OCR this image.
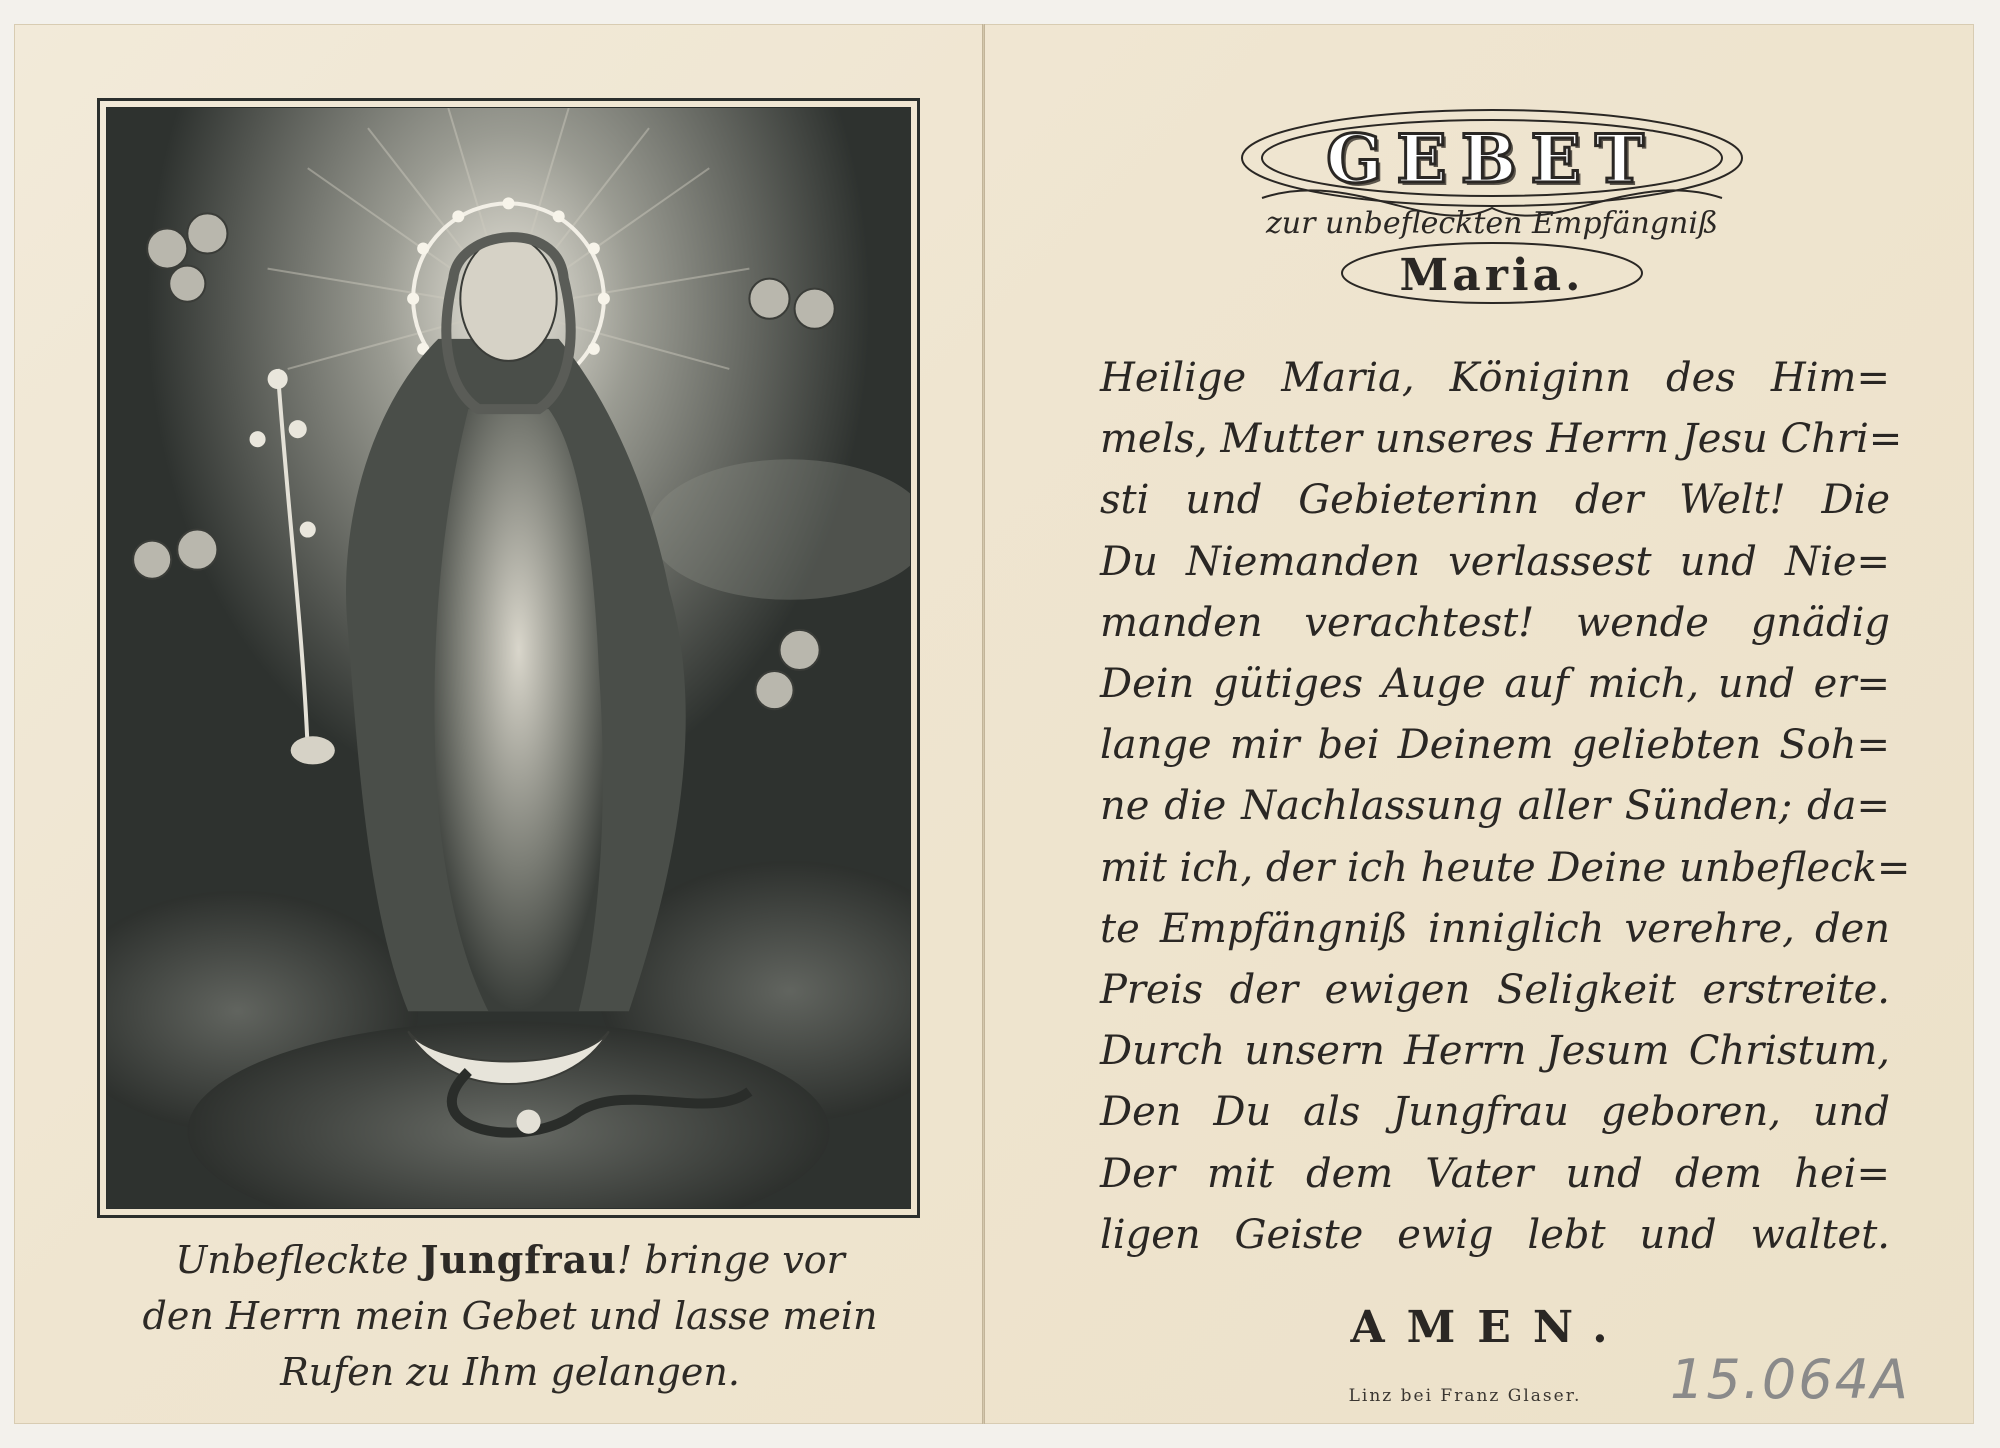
Unbefleckte Jungfrau! bringe vor
den Herrn mein Gebet und lasse mein
Rufen zu Ihm gelangen.
GEBET
zur unbefleckten Empfängniß
Maria.
Heilige Maria, Königinn des Him=
mels, Mutter unseres Herrn Jesu Chri=
sti und Gebieterinn der Welt! Die
Du Niemanden verlassest und Nie=
manden verachtest! wende gnädig
Dein gütiges Auge auf mich, und er=
lange mir bei Deinem geliebten Soh=
ne die Nachlassung aller Sünden; da=
mit ich, der ich heute Deine unbefleck=
te Empfängniß inniglich verehre, den
Preis der ewigen Seligkeit erstreite.
Durch unsern Herrn Jesum Christum,
Den Du als Jungfrau geboren, und
Der mit dem Vater und dem hei=
ligen Geiste ewig lebt und waltet.
AMEN.
Linz bei Franz Glaser.	15.064A
